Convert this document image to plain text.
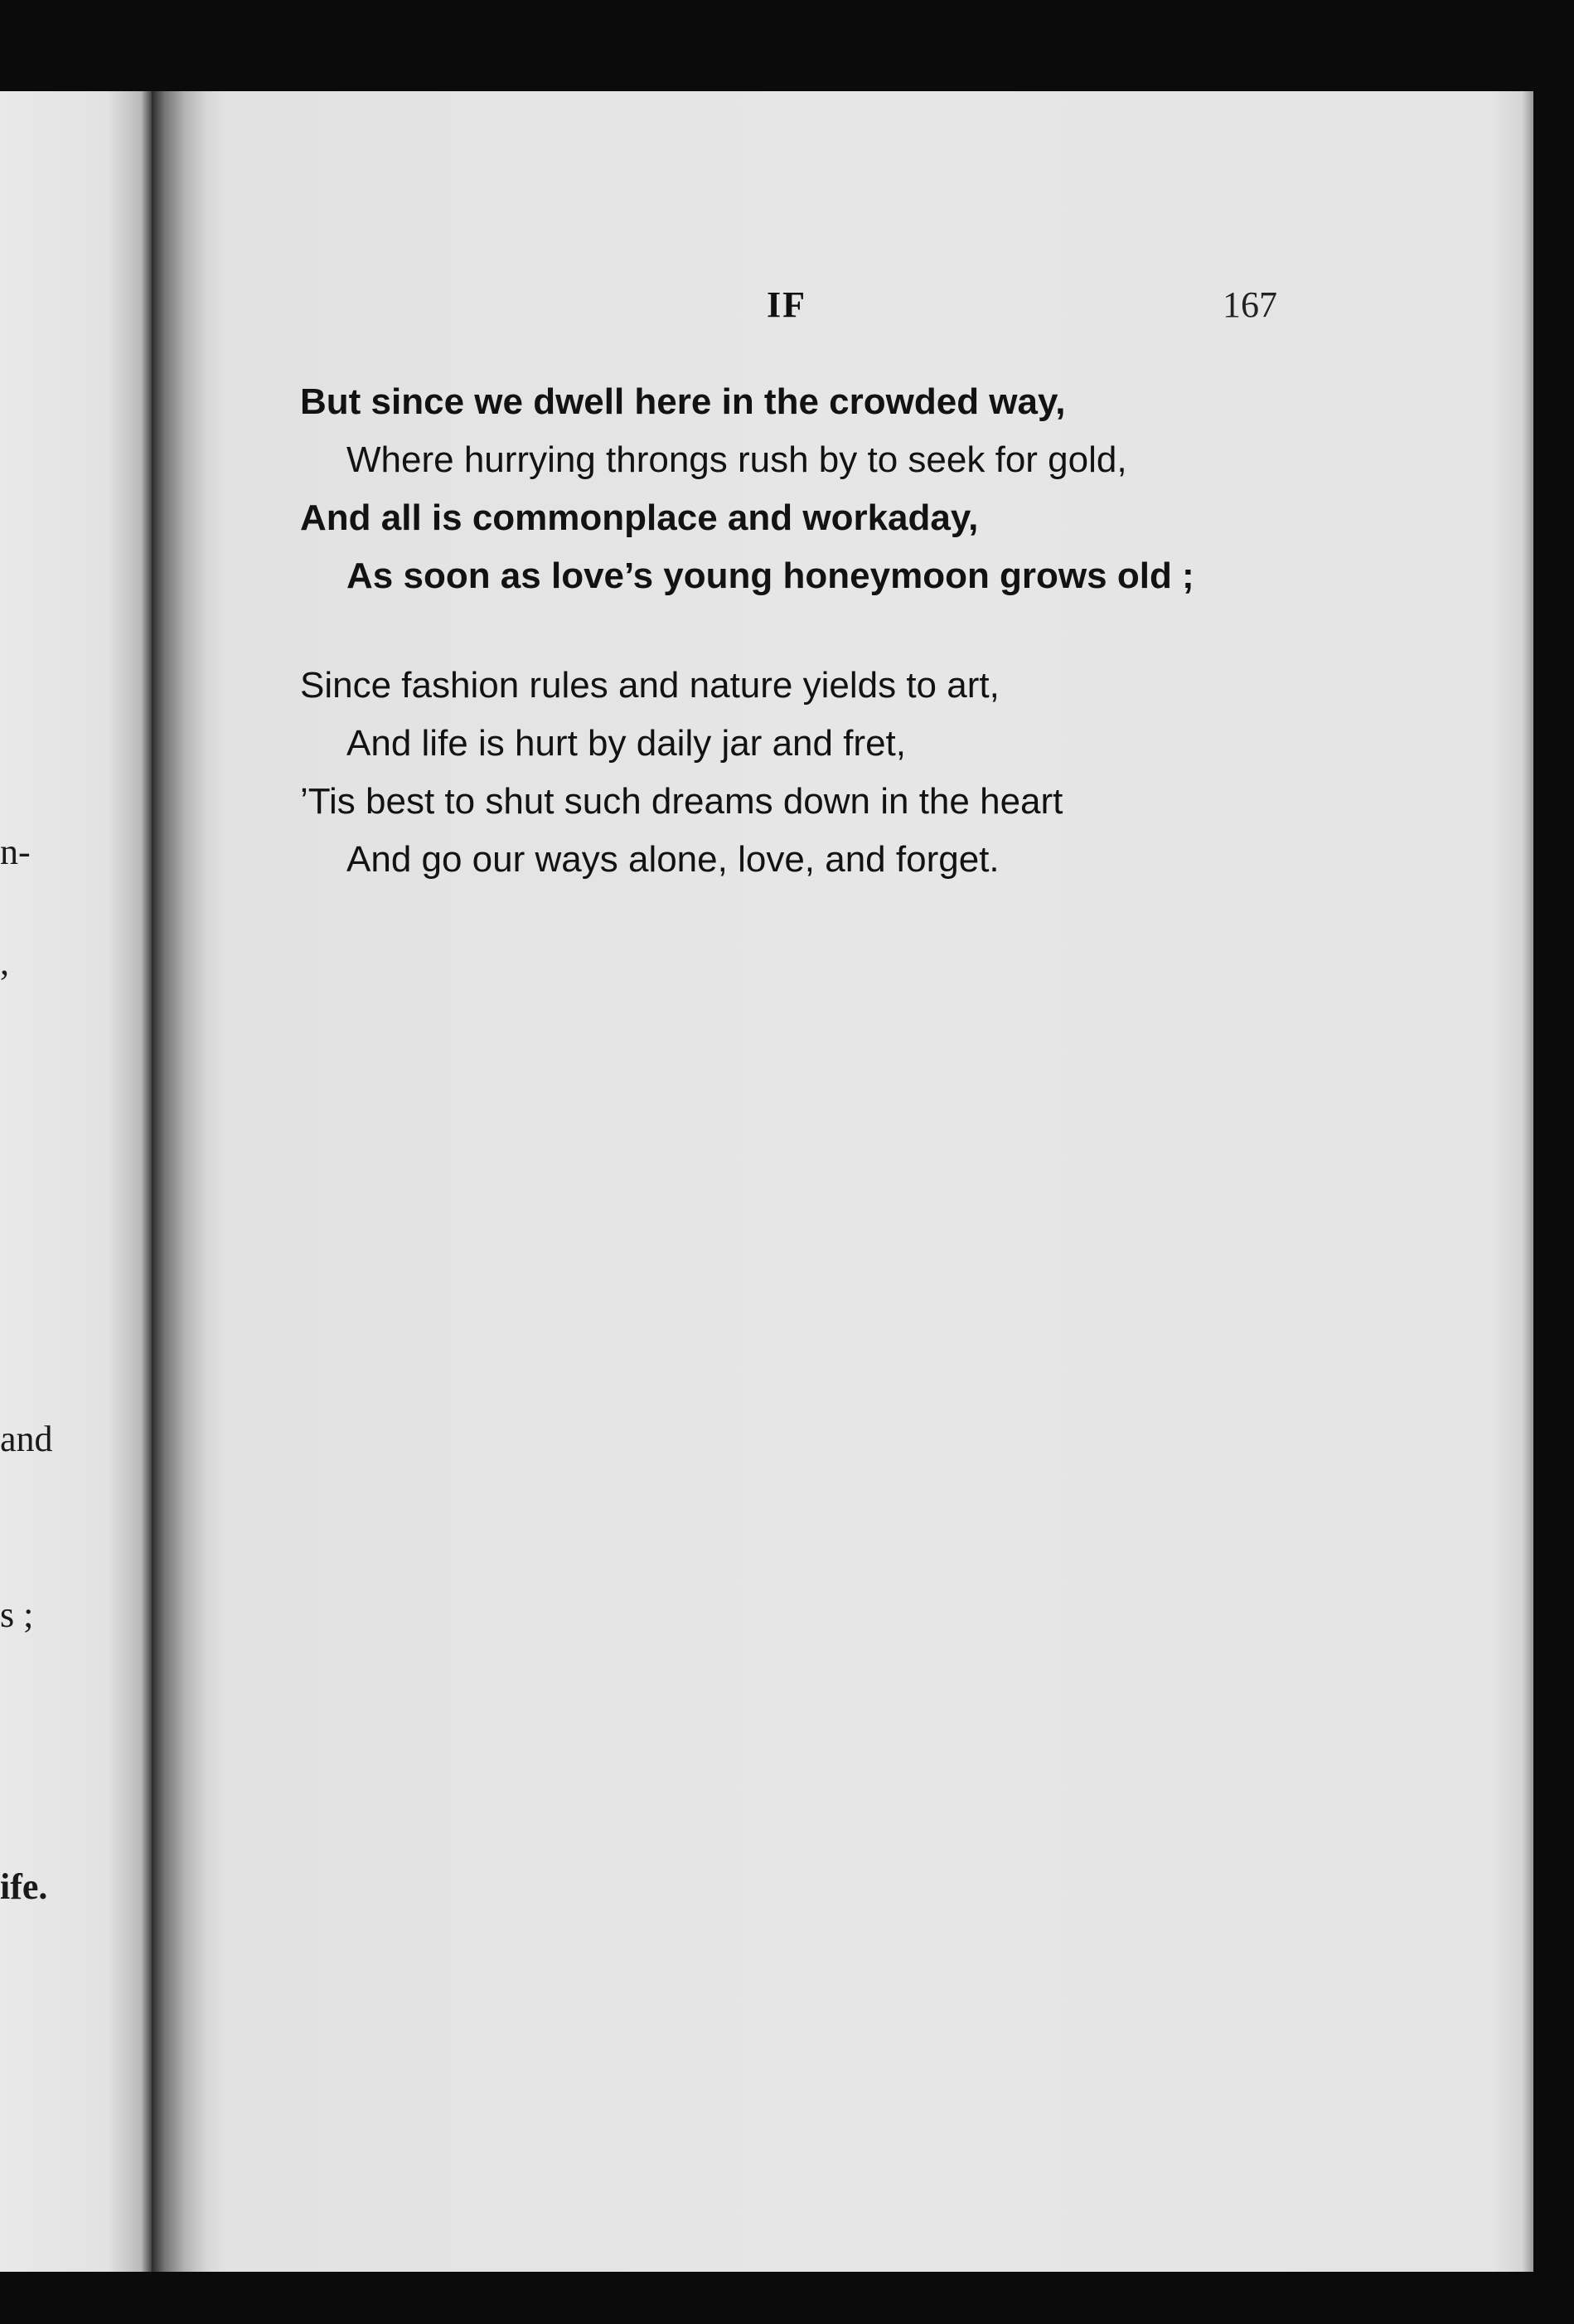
n-
,
and
s ;
ife.
IF	167
But since we dwell here in the crowded way,
Where hurrying throngs rush by to seek for gold,
And all is commonplace and workaday,
As soon as love’s young honeymoon grows old ;
Since fashion rules and nature yields to art,
And life is hurt by daily jar and fret,
’Tis best to shut such dreams down in the heart
And go our ways alone, love, and forget.
